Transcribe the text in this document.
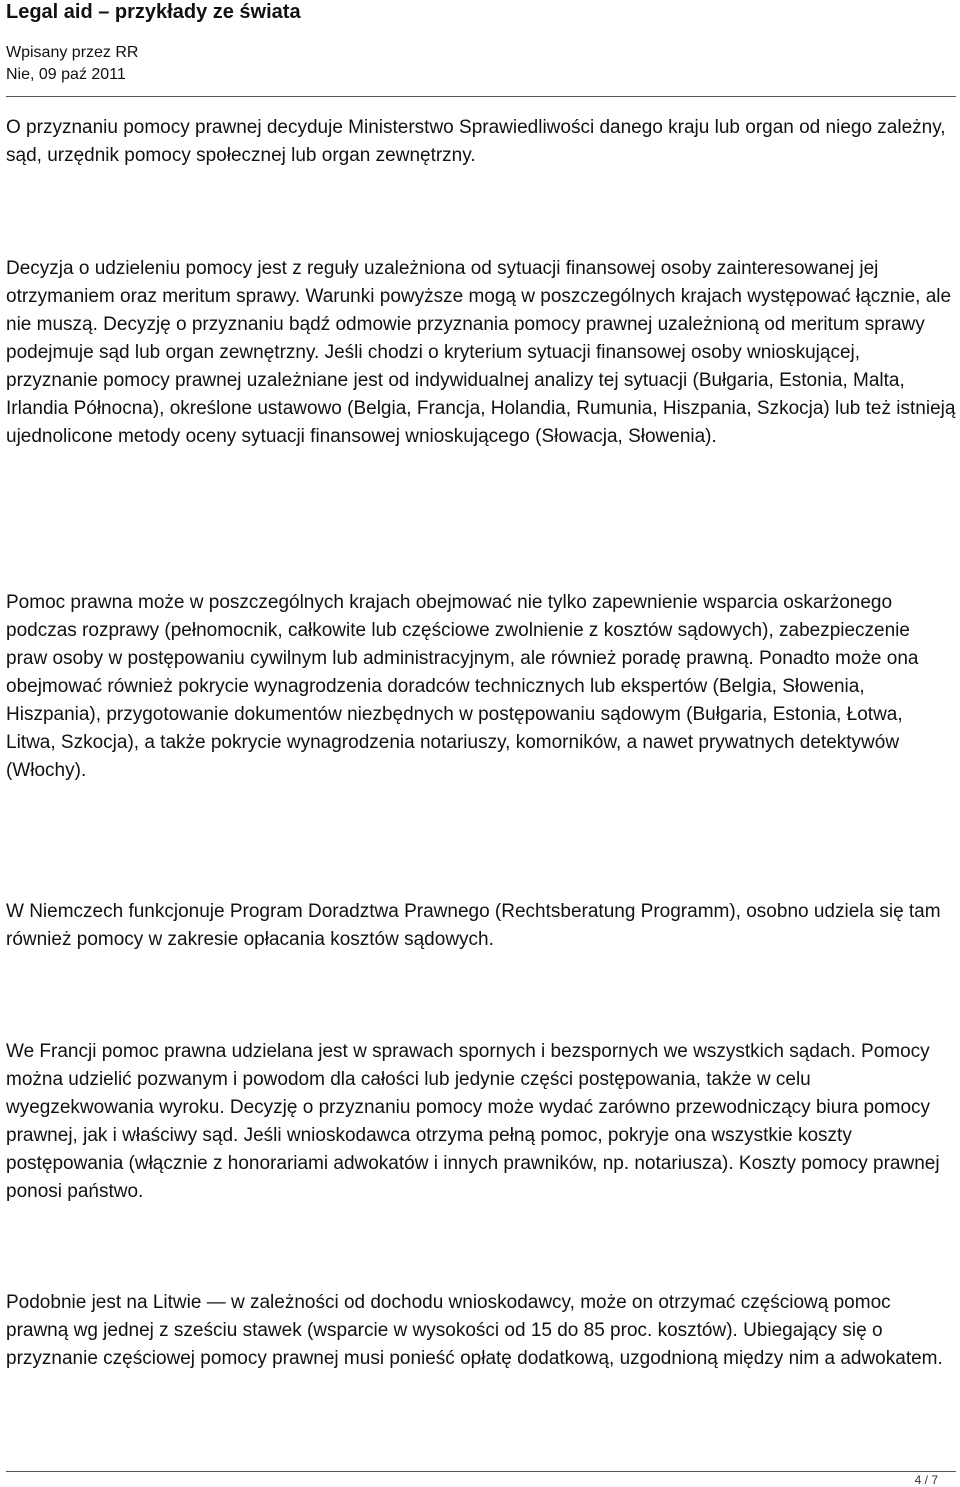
Legal aid – przykłady ze świata
Wpisany przez RR
Nie, 09 paź 2011

O przyznaniu pomocy prawnej decyduje Ministerstwo Sprawiedliwości danego kraju lub organ od niego zależny, sąd, urzędnik pomocy społecznej lub organ zewnętrzny.

Decyzja o udzieleniu pomocy jest z reguły uzależniona od sytuacji finansowej osoby zainteresowanej jej otrzymaniem oraz meritum sprawy. Warunki powyższe mogą w poszczególnych krajach występować łącznie, ale nie muszą. Decyzję o przyznaniu bądź odmowie przyznania pomocy prawnej uzależnioną od meritum sprawy podejmuje sąd lub organ zewnętrzny. Jeśli chodzi o kryterium sytuacji finansowej osoby wnioskującej, przyznanie pomocy prawnej uzależniane jest od indywidualnej analizy tej sytuacji (Bułgaria, Estonia, Malta, Irlandia Północna), określone ustawowo (Belgia, Francja, Holandia, Rumunia, Hiszpania, Szkocja) lub też istnieją ujednolicone metody oceny sytuacji finansowej wnioskującego (Słowacja, Słowenia).

Pomoc prawna może w poszczególnych krajach obejmować nie tylko zapewnienie wsparcia oskarżonego podczas rozprawy (pełnomocnik, całkowite lub częściowe zwolnienie z kosztów sądowych), zabezpieczenie praw osoby w postępowaniu cywilnym lub administracyjnym, ale również poradę prawną. Ponadto może ona obejmować również pokrycie wynagrodzenia doradców technicznych lub ekspertów (Belgia, Słowenia, Hiszpania), przygotowanie dokumentów niezbędnych w postępowaniu sądowym (Bułgaria, Estonia, Łotwa, Litwa, Szkocja), a także pokrycie wynagrodzenia notariuszy, komorników, a nawet prywatnych detektywów (Włochy).

W Niemczech funkcjonuje Program Doradztwa Prawnego (Rechtsberatung Programm), osobno udziela się tam również pomocy w zakresie opłacania kosztów sądowych.

We Francji pomoc prawna udzielana jest w sprawach spornych i bezspornych we wszystkich sądach. Pomocy można udzielić pozwanym i powodom dla całości lub jedynie części postępowania, także w celu wyegzekwowania wyroku. Decyzję o przyznaniu pomocy może wydać zarówno przewodniczący biura pomocy prawnej, jak i właściwy sąd. Jeśli wnioskodawca otrzyma pełną pomoc, pokryje ona wszystkie koszty postępowania (włącznie z honorariami adwokatów i innych prawników, np. notariusza). Koszty pomocy prawnej ponosi państwo.

Podobnie jest na Litwie — w zależności od dochodu wnioskodawcy, może on otrzymać częściową pomoc prawną wg jednej z sześciu stawek (wsparcie w wysokości od 15 do 85 proc. kosztów). Ubiegający się o przyznanie częściowej pomocy prawnej musi ponieść opłatę dodatkową, uzgodnioną między nim a adwokatem.

4 / 7
